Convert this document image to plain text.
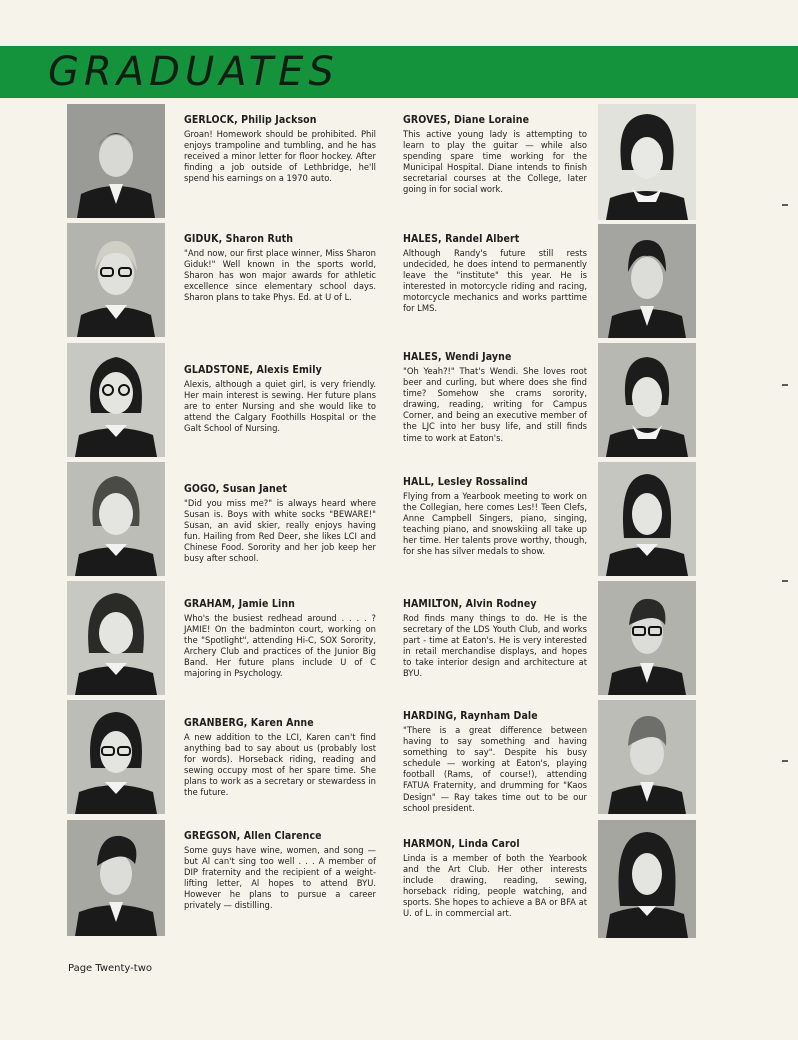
GRADUATES
GERLOCK, Philip Jackson
Groan! Homework should be prohibited. Phil enjoys trampoline and tumbling, and he has received a minor letter for floor hockey. After finding a job outside of Lethbridge, he'll spend his earnings on a 1970 auto.
GIDUK, Sharon Ruth
"And now, our first place winner, Miss Sharon Giduk!" Well known in the sports world, Sharon has won major awards for athletic excellence since elementary school days. Sharon plans to take Phys. Ed. at U of L.
GLADSTONE, Alexis Emily
Alexis, although a quiet girl, is very friendly. Her main interest is sewing. Her future plans are to enter Nursing and she would like to attend the Calgary Foothills Hospital or the Galt School of Nursing.
GOGO, Susan Janet
"Did you miss me?" is always heard where Susan is. Boys with white socks "BEWARE!" Susan, an avid skier, really enjoys having fun. Hailing from Red Deer, she likes LCI and Chinese Food. Sorority and her job keep her busy after school.
GRAHAM, Jamie Linn
Who's the busiest redhead around . . . . ? JAMIE! On the badminton court, working on the "Spotlight", attending Hi-C, SOX Sorority, Archery Club and practices of the Junior Big Band. Her future plans include U of C majoring in Psychology.
GRANBERG, Karen Anne
A new addition to the LCI, Karen can't find anything bad to say about us (probably lost for words). Horseback riding, reading and sewing occupy most of her spare time. She plans to work as a secretary or stewardess in the future.
GREGSON, Allen Clarence
Some guys have wine, women, and song — but Al can't sing too well . . . A member of DIP fraternity and the recipient of a weight-lifting letter, Al hopes to attend BYU. However he plans to pursue a career privately — distilling.
GROVES, Diane Loraine
This active young lady is attempting to learn to play the guitar — while also spending spare time working for the Municipal Hospital. Diane intends to finish secretarial courses at the College, later going in for social work.
HALES, Randel Albert
Although Randy's future still rests undecided, he does intend to permanently leave the "institute" this year. He is interested in motorcycle riding and racing, motorcycle mechanics and works parttime for LMS.
HALES, Wendi Jayne
"Oh Yeah?!" That's Wendi. She loves root beer and curling, but where does she find time? Somehow she crams sorority, drawing, reading, writing for Campus Corner, and being an executive member of the LJC into her busy life, and still finds time to work at Eaton's.
HALL, Lesley Rossalind
Flying from a Yearbook meeting to work on the Collegian, here comes Les!! Teen Clefs, Anne Campbell Singers, piano, singing, teaching piano, and snowskiing all take up her time. Her talents prove worthy, though, for she has silver medals to show.
HAMILTON, Alvin Rodney
Rod finds many things to do. He is the secretary of the LDS Youth Club, and works part - time at Eaton's. He is very interested in retail merchandise displays, and hopes to take interior design and architecture at BYU.
HARDING, Raynham Dale
"There is a great difference between having to say something and having something to say". Despite his busy schedule — working at Eaton's, playing football (Rams, of course!), attending FATUA Fraternity, and drumming for "Kaos Design" — Ray takes time out to be our school president.
HARMON, Linda Carol
Linda is a member of both the Yearbook and the Art Club. Her other interests include drawing, reading, sewing, horseback riding, people watching, and sports. She hopes to achieve a BA or BFA at U. of L. in commercial art.
Page Twenty-two
